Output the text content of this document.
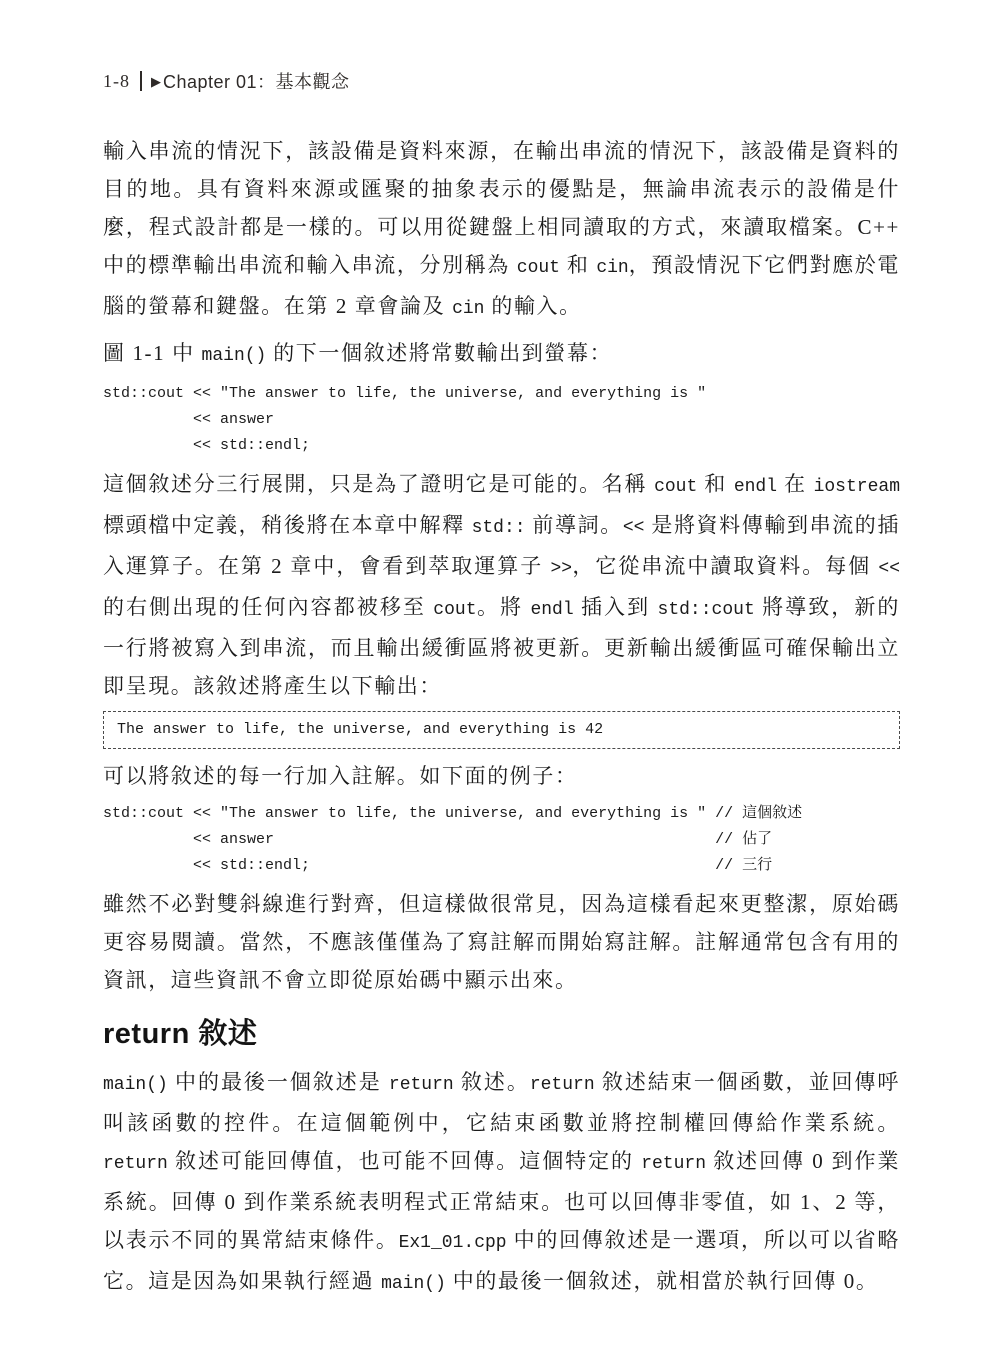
1-8 ▶ Chapter 01：基本觀念

輸入串流的情況下，該設備是資料來源，在輸出串流的情況下，該設備是資料的目的地。具有資料來源或匯聚的抽象表示的優點是，無論串流表示的設備是什麼，程式設計都是一樣的。可以用從鍵盤上相同讀取的方式，來讀取檔案。C++ 中的標準輸出串流和輸入串流，分別稱為 cout 和 cin，預設情況下它們對應於電腦的螢幕和鍵盤。在第 2 章會論及 cin 的輸入。

圖 1-1 中 main() 的下一個敘述將常數輸出到螢幕：

std::cout << "The answer to life, the universe, and everything is "
<< answer
<< std::endl;

這個敘述分三行展開，只是為了證明它是可能的。名稱 cout 和 endl 在 iostream 標頭檔中定義，稍後將在本章中解釋 std:: 前導詞。<< 是將資料傳輸到串流的插入運算子。在第 2 章中，會看到萃取運算子 >>，它從串流中讀取資料。每個 << 的右側出現的任何內容都被移至 cout。將 endl 插入到 std::cout 將導致，新的一行將被寫入到串流，而且輸出緩衝區將被更新。更新輸出緩衝區可確保輸出立即呈現。該敘述將產生以下輸出：

The answer to life, the universe, and everything is 42

可以將敘述的每一行加入註解。如下面的例子：

std::cout << "The answer to life, the universe, and everything is " // 這個敘述
<< answer                                                 // 佔了
<< std::endl;                                             // 三行

雖然不必對雙斜線進行對齊，但這樣做很常見，因為這樣看起來更整潔，原始碼更容易閱讀。當然，不應該僅僅為了寫註解而開始寫註解。註解通常包含有用的資訊，這些資訊不會立即從原始碼中顯示出來。

return 敘述

main() 中的最後一個敘述是 return 敘述。return 敘述結束一個函數，並回傳呼叫該函數的控件。在這個範例中，它結束函數並將控制權回傳給作業系統。return 敘述可能回傳值，也可能不回傳。這個特定的 return 敘述回傳 0 到作業系統。回傳 0 到作業系統表明程式正常結束。也可以回傳非零值，如 1、2 等，以表示不同的異常結束條件。Ex1_01.cpp 中的回傳敘述是一選項，所以可以省略它。這是因為如果執行經過 main() 中的最後一個敘述，就相當於執行回傳 0。
